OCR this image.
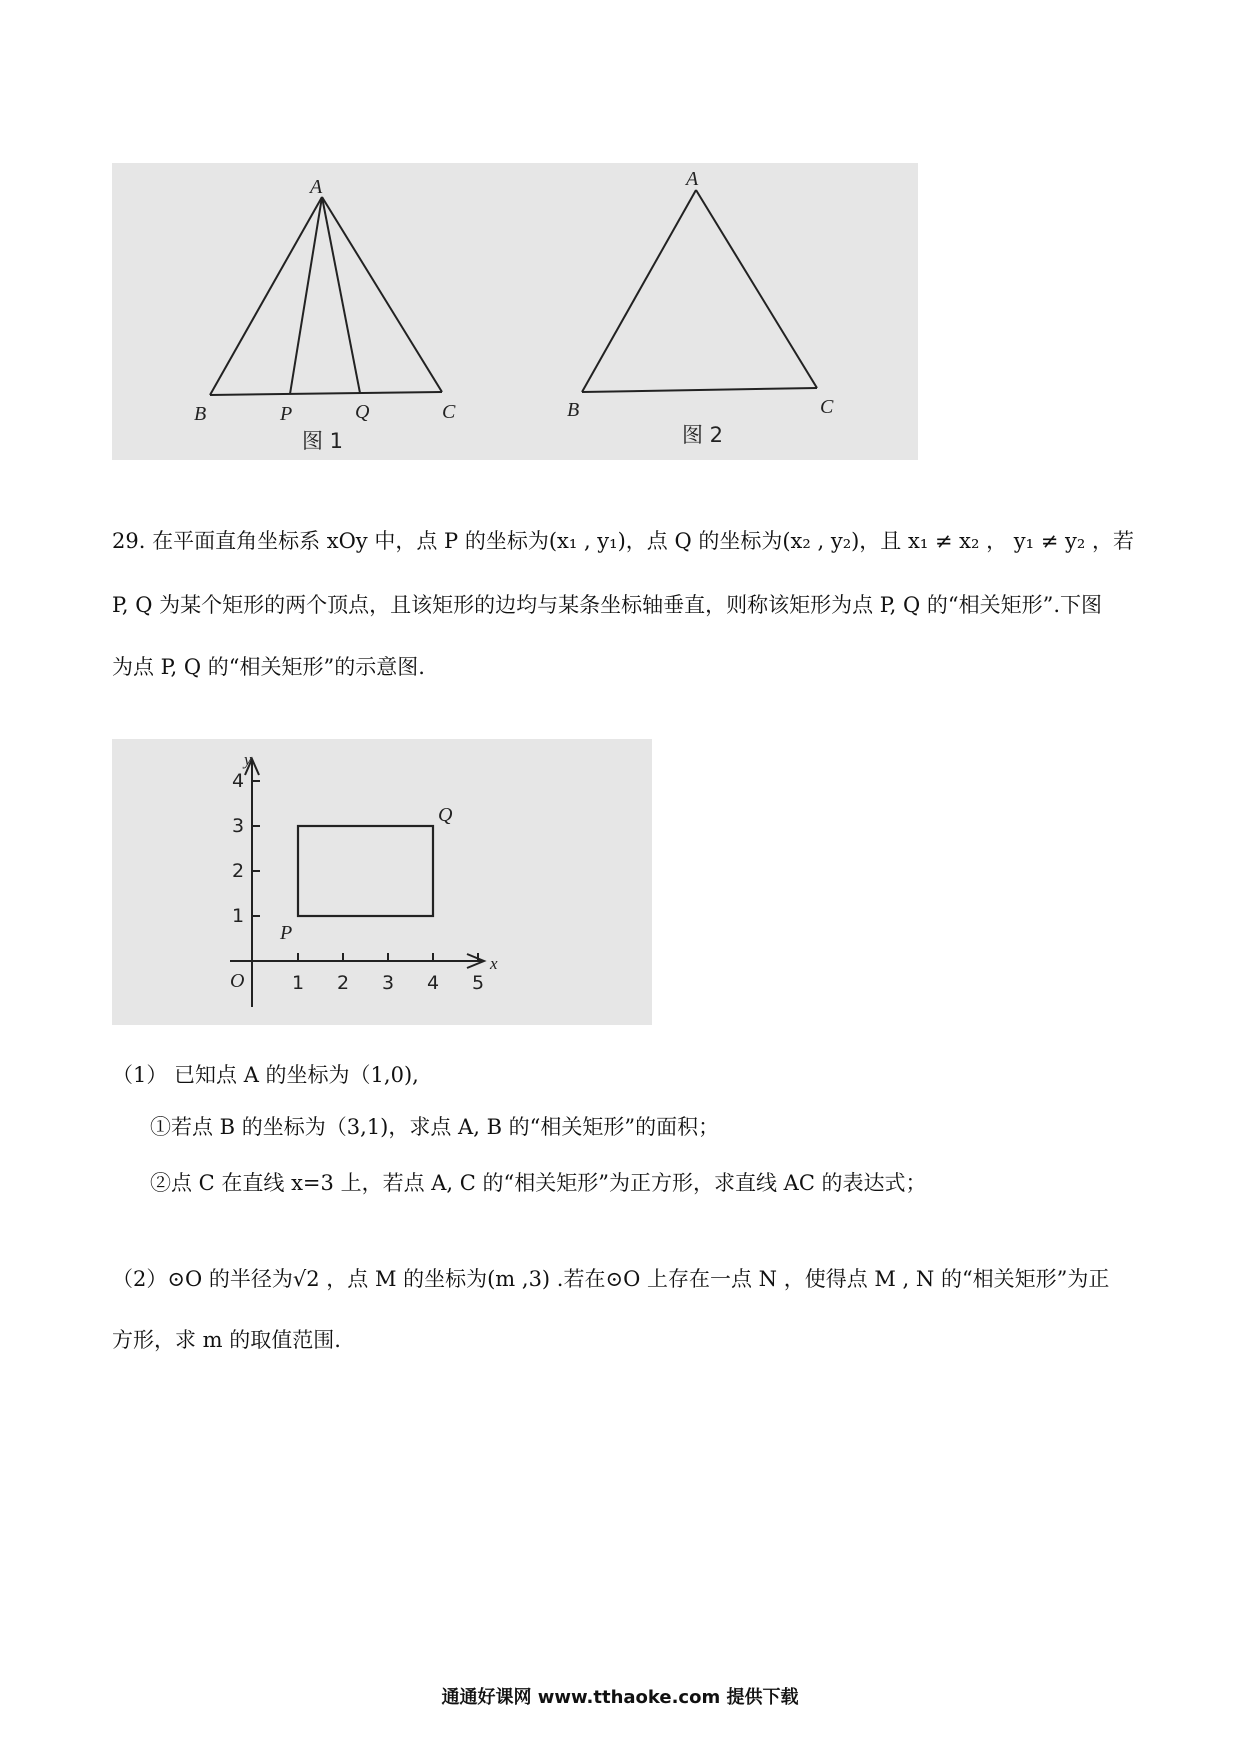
A
B	P	Q	C
图 1
A
B	C
图 2
29. 在平面直角坐标系 xOy 中，点 P 的坐标为(x₁ , y₁)，点 Q 的坐标为(x₂ , y₂)，且 x₁ ≠ x₂ ， y₁ ≠ y₂ ，若
P, Q 为某个矩形的两个顶点，且该矩形的边均与某条坐标轴垂直，则称该矩形为点 P, Q 的“相关矩形”.下图
为点 P, Q 的“相关矩形”的示意图.
y
x
O
4
3
2
1
1 2 3 4 5
P
Q
（1） 已知点 A 的坐标为（1,0),
①若点 B 的坐标为（3,1)，求点 A, B 的“相关矩形”的面积；
②点 C 在直线 x=3 上，若点 A, C 的“相关矩形”为正方形，求直线 AC 的表达式；
（2）⊙O 的半径为√2 ，点 M 的坐标为(m ,3) .若在⊙O 上存在一点 N ，使得点 M , N 的“相关矩形”为正
方形，求 m 的取值范围.
通通好课网 www.tthaoke.com 提供下载
